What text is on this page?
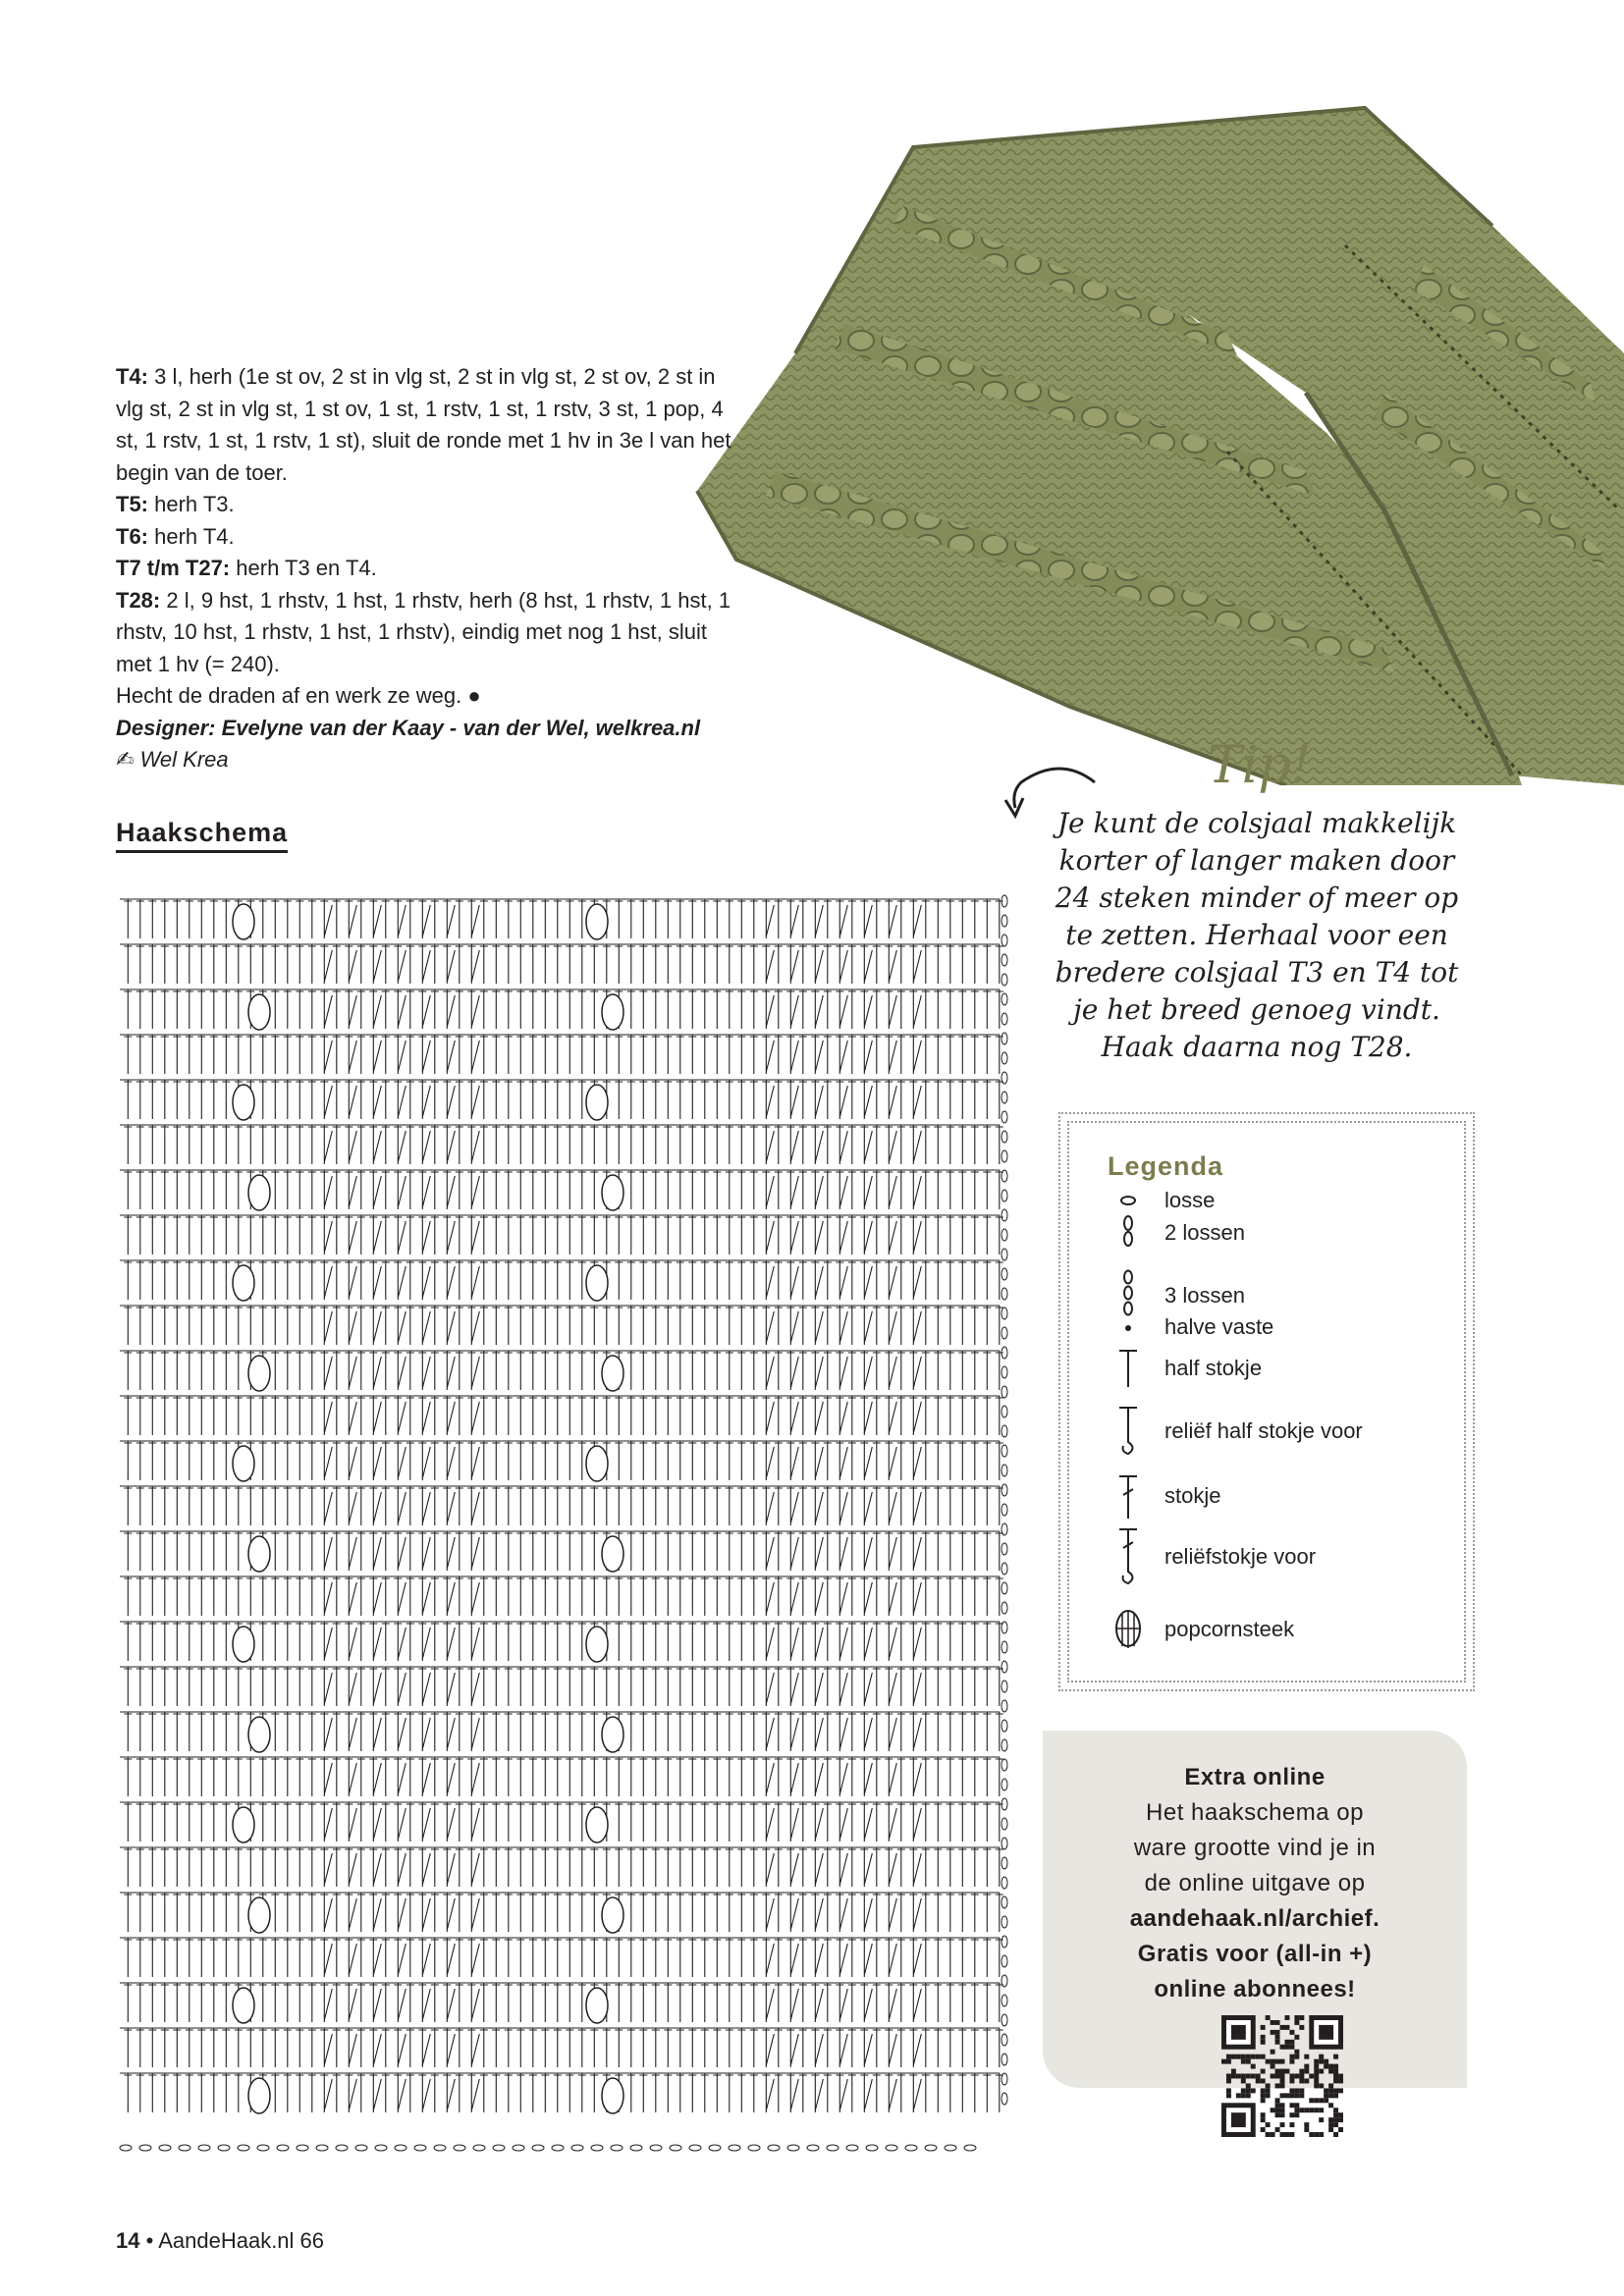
T4: 3 l, herh (1e st ov, 2 st in vlg st, 2 st in vlg st, 2 st ov, 2 st in vlg st, 2 st in vlg st, 1 st ov, 1 st, 1 rstv, 1 st, 1 rstv, 3 st, 1 pop, 4 st, 1 rstv, 1 st, 1 rstv, 1 st), sluit de ronde met 1 hv in 3e l van het begin van de toer.

T5: herh T3.

T6: herh T4.

T7 t/m T27: herh T3 en T4.

T28: 2 l, 9 hst, 1 rhstv, 1 hst, 1 rhstv, herh (8 hst, 1 rhstv, 1 hst, 1 rhstv, 10 hst, 1 rhstv, 1 hst, 1 rhstv), eindig met nog 1 hst, sluit met 1 hv (= 240).

Hecht de draden af en werk ze weg. ●

Designer: Evelyne van der Kaay - van der Wel, welkrea.nl

✍ Wel Krea

Haakschema
Tip!
Je kunt de colsjaal makkelijk korter of langer maken door 24 steken minder of meer op te zetten. Herhaal voor een bredere colsjaal T3 en T4 tot je het breed genoeg vindt. Haak daarna nog T28.
Legenda
losse
2 lossen
3 lossen
halve vaste
half stokje
reliëf half stokje voor
stokje
reliëfstokje voor
popcornsteek
Extra online
Het haakschema op
ware grootte vind je in
de online uitgave op
aandehaak.nl/archief.
Gratis voor (all-in +)
online abonnees!
14 • AandeHaak.nl 66
